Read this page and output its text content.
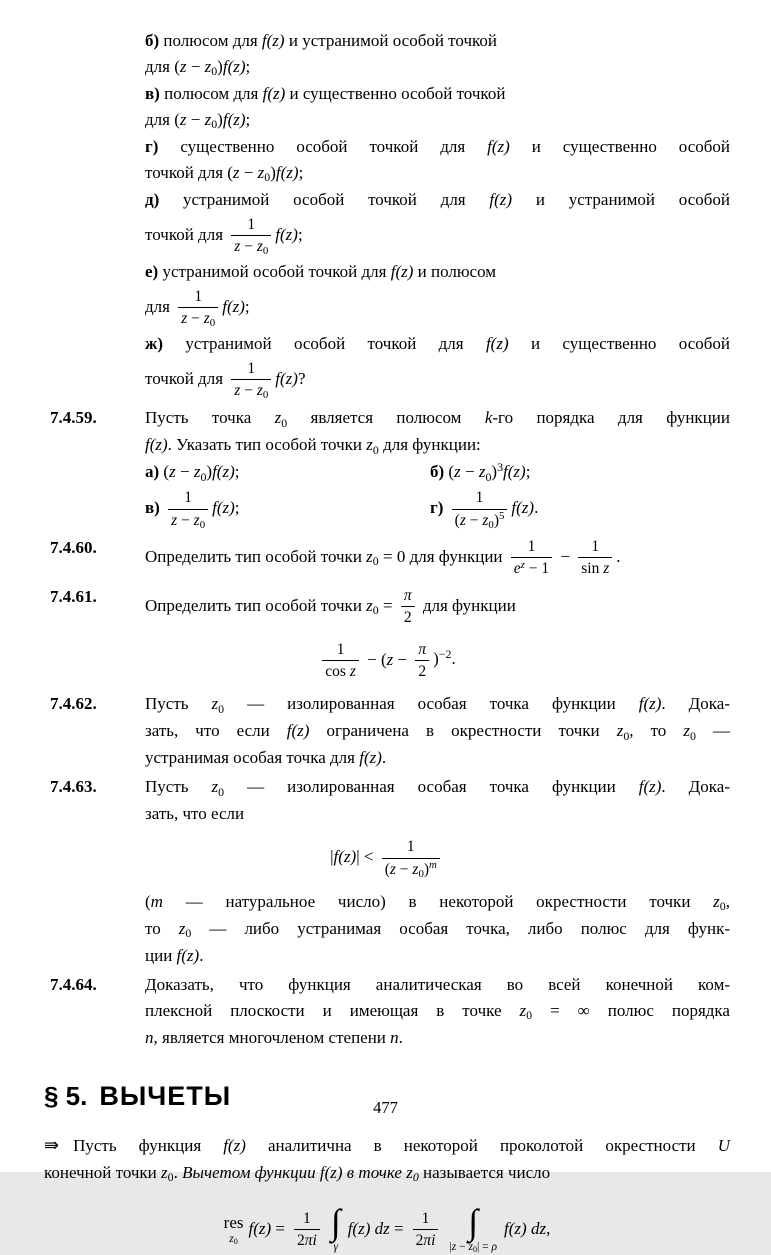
б) полюсом для f(z) и устранимой особой точкой
для (z − z0)f(z);
в) полюсом для f(z) и существенно особой точкой
для (z − z0)f(z);
г) существенно особой точкой для f(z) и существенно особой
точкой для (z − z0)f(z);
д) устранимой особой точкой для f(z) и устранимой особой
точкой для $\frac{1}{z - z0} f(z)$;
е) устранимой особой точкой для f(z) и полюсом
для $\frac{1}{z - z0} f(z)$;
ж) устранимой особой точкой для f(z) и существенно особой
точкой для $\frac{1}{z - z0} f(z)$?
7.4.59.	Пусть точка z0 является полюсом k-го порядка для функции
f(z). Указать тип особой точки z0 для функции:
а) (z − z0)f(z);	б) $(z - z0)^3f(z)$;
$в) \frac{1}{z - z0} f(z)$;	$г) \frac{1}{(z - z0)^5} f(z)$.
7.4.60.	Определить тип особой точки z0 = 0 для функции $\frac{1}{e^z - 1} - \frac{1}{\text{sin z}}$ .
7.4.61.	Определить тип особой точки $z0 = \frac{\pi}{2}$ для функции
$\frac{1}{\text{cos z}} - (z - \frac{\pi}{2} )^{-2}$.
7.4.62.	Пусть z0 — изолированная особая точка функции f(z). Дока-
зать, что если f(z) ограничена в окрестности точки z0, то z0 —
устранимая особая точка для f(z).
7.4.63.	Пусть z0 — изолированная особая точка функции f(z). Дока-
зать, что если
$|f(z)| < \frac{1}{(z - z0)^m}$
(m — натуральное число) в некоторой окрестности точки z0,
то z0 — либо устранимая особая точка, либо полюс для функ-
ции f(z).
7.4.64.	Доказать, что функция аналитическая во всей конечной ком-
плексной плоскости и имеющая в точке z0 = ∞ полюс порядка
n, является многочленом степени n.
§ 5. ВЫЧЕТЫ
⇛ Пусть функция f(z) аналитична в некоторой проколотой окрестности U
конечной точки z0. Вычетом функции f(z) в точке z0 называется число
res
z0
$f(z) = \frac{1}{2\pi i}$ ∫
γ
f(z) dz = $\frac{1}{2\pi i}$ ∫
|z − z0| = ρ
f(z) dz,
477
